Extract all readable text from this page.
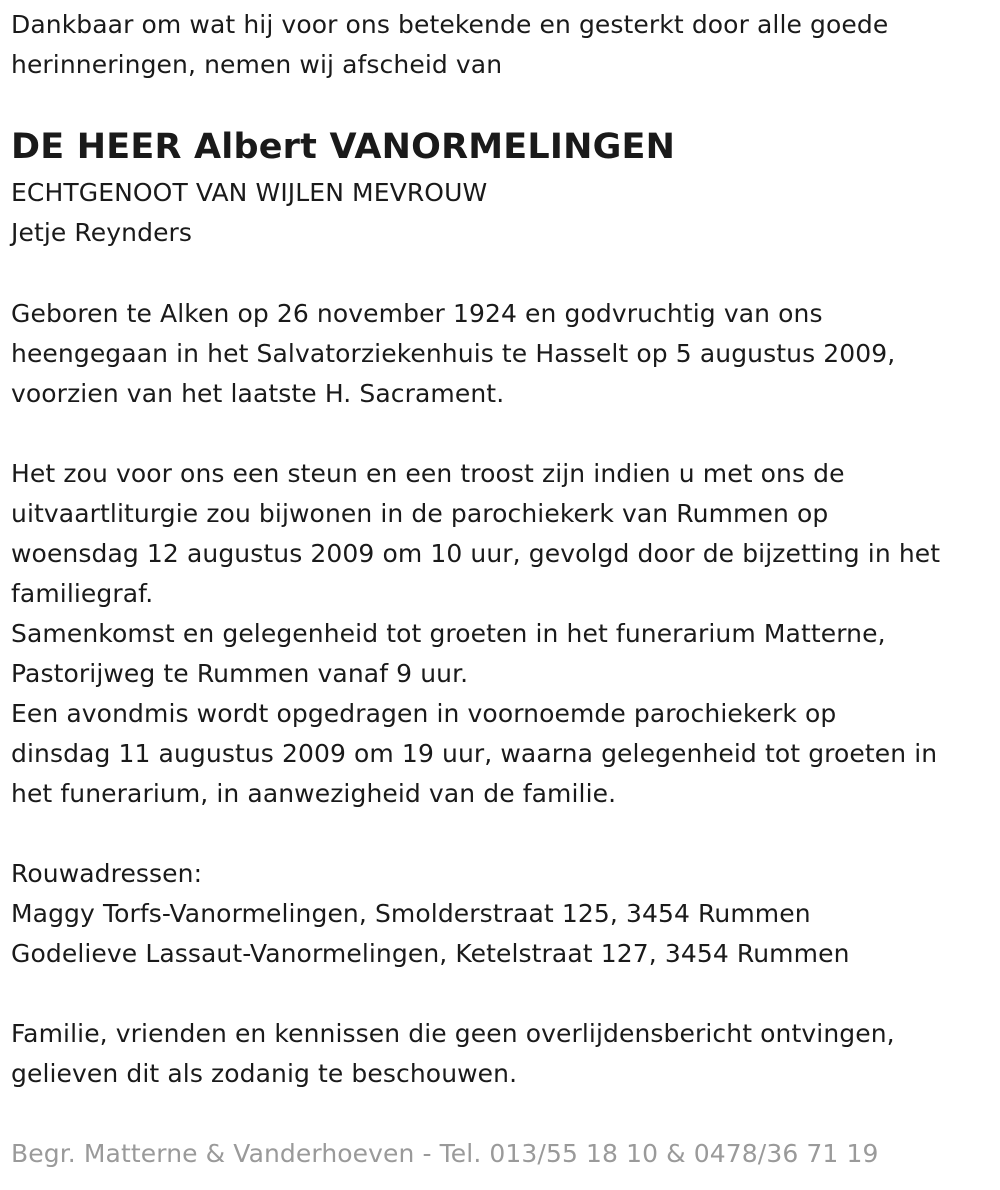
Dankbaar om wat hij voor ons betekende en gesterkt door alle goede
herinneringen, nemen wij afscheid van
DE HEER Albert VANORMELINGEN
ECHTGENOOT VAN WIJLEN MEVROUW
Jetje Reynders
Geboren te Alken op 26 november 1924 en godvruchtig van ons
heengegaan in het Salvatorziekenhuis te Hasselt op 5 augustus 2009,
voorzien van het laatste H. Sacrament.
Het zou voor ons een steun en een troost zijn indien u met ons de
uitvaartliturgie zou bijwonen in de parochiekerk van Rummen op
woensdag 12 augustus 2009 om 10 uur, gevolgd door de bijzetting in het
familiegraf.
Samenkomst en gelegenheid tot groeten in het funerarium Matterne,
Pastorijweg te Rummen vanaf 9 uur.
Een avondmis wordt opgedragen in voornoemde parochiekerk op
dinsdag 11 augustus 2009 om 19 uur, waarna gelegenheid tot groeten in
het funerarium, in aanwezigheid van de familie.
Rouwadressen:
Maggy Torfs-Vanormelingen, Smolderstraat 125, 3454 Rummen
Godelieve Lassaut-Vanormelingen, Ketelstraat 127, 3454 Rummen
Familie, vrienden en kennissen die geen overlijdensbericht ontvingen,
gelieven dit als zodanig te beschouwen.
Begr. Matterne & Vanderhoeven - Tel. 013/55 18 10 & 0478/36 71 19
